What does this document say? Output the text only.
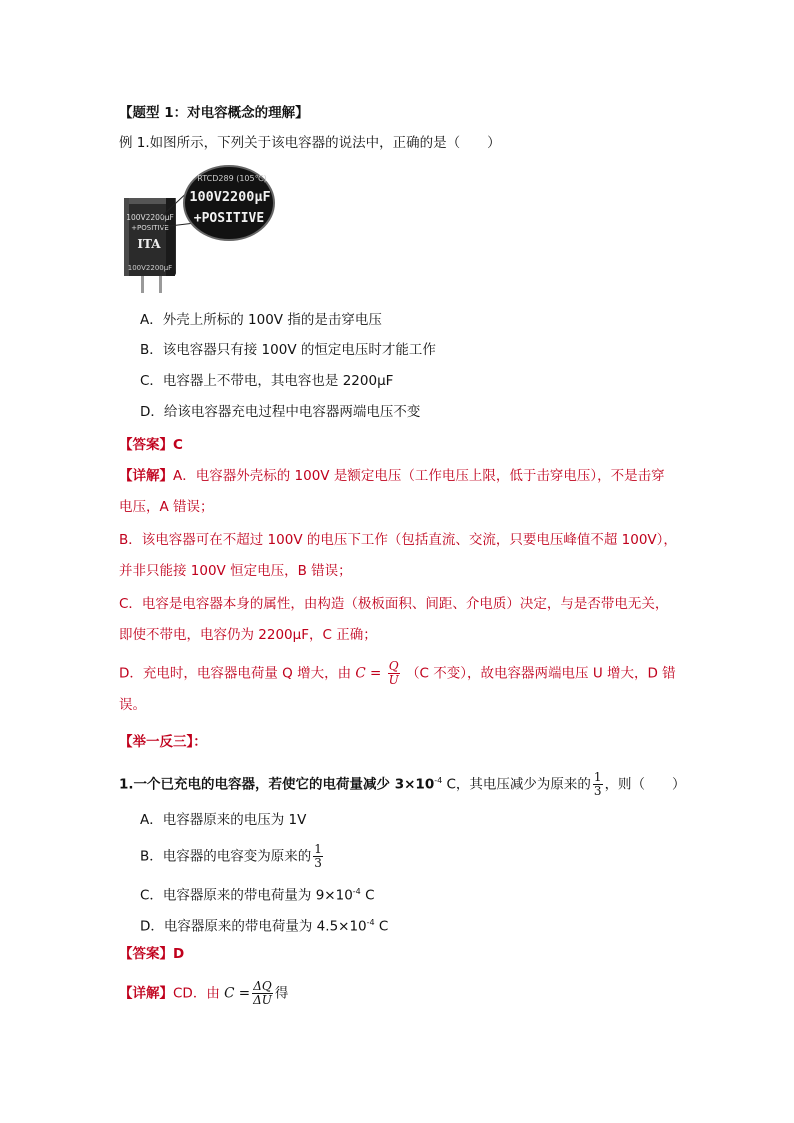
【题型 1：对电容概念的理解】
例 1.如图所示，下列关于该电容器的说法中，正确的是（　　）
100V2200μF
+POSITIVE
ITA
100V2200μF
RTCD289 (105℃)
100V2200μF
+POSITIVE
A．外壳上所标的 100V 指的是击穿电压
B．该电容器只有接 100V 的恒定电压时才能工作
C．电容器上不带电，其电容也是 2200μF
D．给该电容器充电过程中电容器两端电压不变
【答案】C
【详解】A．电容器外壳标的 100V 是额定电压（工作电压上限，低于击穿电压），不是击穿
电压，A 错误；
B．该电容器可在不超过 100V 的电压下工作（包括直流、交流，只要电压峰值不超 100V），
并非只能接 100V 恒定电压，B 错误；
C．电容是电容器本身的属性，由构造（极板面积、间距、介电质）决定，与是否带电无关，
即使不带电，电容仍为 2200μF，C 正确；
D．充电时，电容器电荷量 Q 增大，由 $C = \frac{Q}{U} (C$ 不变），故电容器两端电压 U 增大，D 错
误。
【举一反三】：
1.一个已充电的电容器，若使它的电荷量减少 $3\times 10^{-4}$ C，其电压减少为原来的 $\frac{1}{3}$ ，则（　　）
A．电容器原来的电压为 1V
B．电容器的电容变为原来的 $\frac{1}{3}$
C．电容器原来的带电荷量为 $9\times 10^{-4}$ C
D．电容器原来的带电荷量为 $4.5\times 10^{-4}$ C
【答案】D
【详解】CD．由 $C = \frac{\Delta Q}{\Delta U}$ 得
